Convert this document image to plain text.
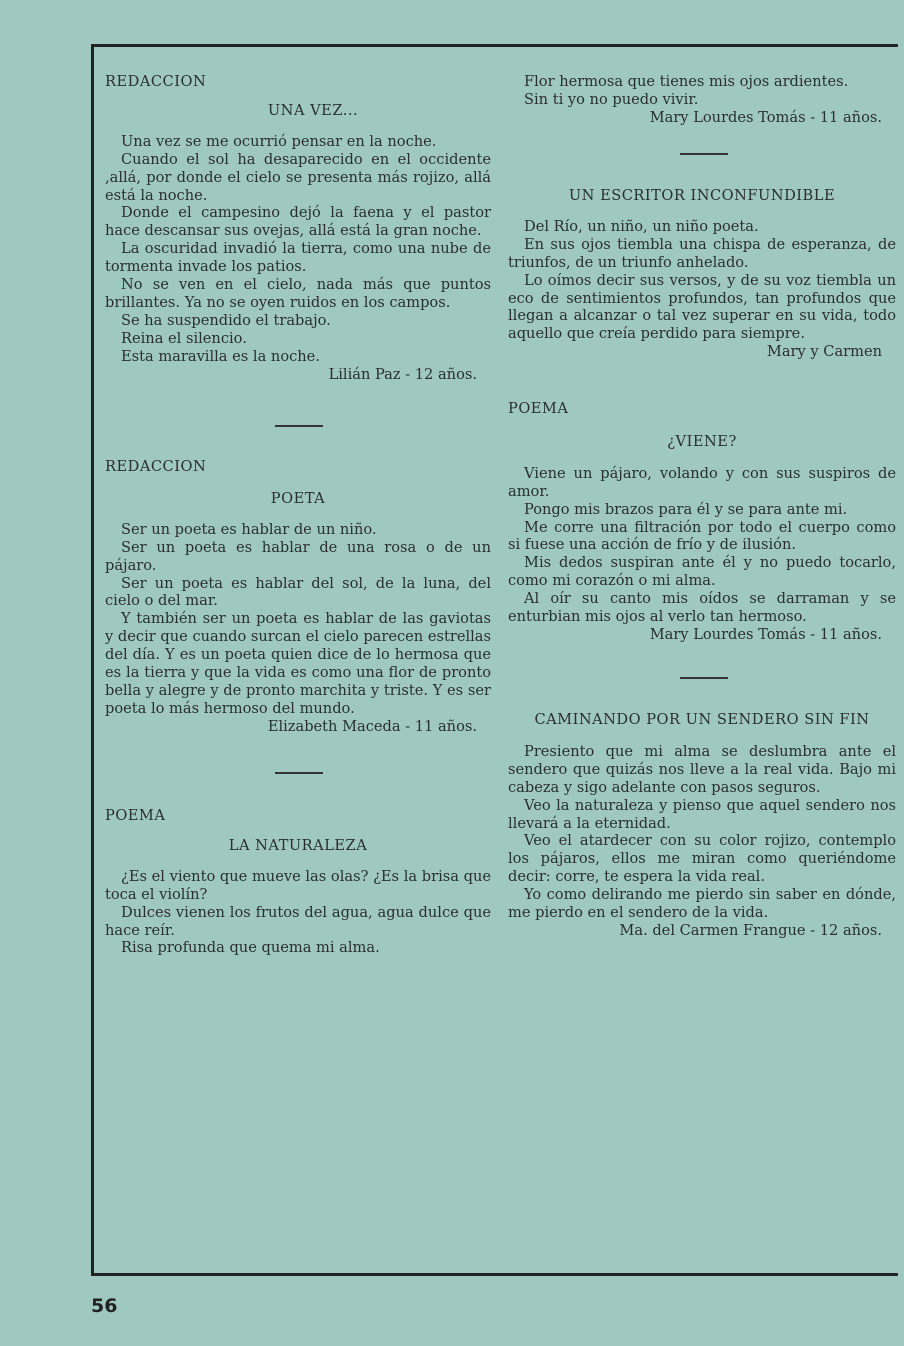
REDACCION
UNA VEZ...

Una vez se me ocurrió pensar en la noche.

Cuando el sol ha desaparecido en el occidente ,allá, por donde el cielo se presenta más rojizo, allá está la noche.

Donde el campesino dejó la faena y el pastor hace descansar sus ovejas, allá está la gran noche.

La oscuridad invadió la tierra, como una nube de tormenta invade los patios.

No se ven en el cielo, nada más que puntos brillantes. Ya no se oyen ruidos en los campos.

Se ha suspendido el trabajo.

Reina el silencio.

Esta maravilla es la noche.

Lilián Paz - 12 años.
REDACCION
POETA

Ser un poeta es hablar de un niño.

Ser un poeta es hablar de una rosa o de un pájaro.

Ser un poeta es hablar del sol, de la luna, del cielo o del mar.

Y también ser un poeta es hablar de las gaviotas y decir que cuando surcan el cielo parecen estrellas del día. Y es un poeta quien dice de lo hermosa que es la tierra y que la vida es como una flor de pronto bella y alegre y de pronto marchita y triste. Y es ser poeta lo más hermoso del mundo.

Elizabeth Maceda - 11 años.
POEMA
LA NATURALEZA

¿Es el viento que mueve las olas? ¿Es la brisa que toca el violín?

Dulces vienen los frutos del agua, agua dulce que hace reír.

Risa profunda que quema mi alma.

Flor hermosa que tienes mis ojos ardientes.

Sin ti yo no puedo vivir.

Mary Lourdes Tomás - 11 años.
UN ESCRITOR INCONFUNDIBLE

Del Río, un niño, un niño poeta.

En sus ojos tiembla una chispa de esperanza, de triunfos, de un triunfo anhelado.

Lo oímos decir sus versos, y de su voz tiembla un eco de sentimientos profundos, tan profundos que llegan a alcanzar o tal vez superar en su vida, todo aquello que creía perdido para siempre.

Mary y Carmen
POEMA
¿VIENE?

Viene un pájaro, volando y con sus suspiros de amor.

Pongo mis brazos para él y se para ante mi.

Me corre una filtración por todo el cuerpo como si fuese una acción de frío y de ilusión.

Mis dedos suspiran ante él y no puedo tocarlo, como mi corazón o mi alma.

Al oír su canto mis oídos se darraman y se enturbian mis ojos al verlo tan hermoso.

Mary Lourdes Tomás - 11 años.
CAMINANDO POR UN SENDERO SIN FIN

Presiento que mi alma se deslumbra ante el sendero que quizás nos lleve a la real vida. Bajo mi cabeza y sigo adelante con pasos seguros.

Veo la naturaleza y pienso que aquel sendero nos llevará a la eternidad.

Veo el atardecer con su color rojizo, contemplo los pájaros, ellos me miran como queriéndome decir: corre, te espera la vida real.

Yo como delirando me pierdo sin saber en dónde, me pierdo en el sendero de la vida.

Ma. del Carmen Frangue - 12 años.
56
